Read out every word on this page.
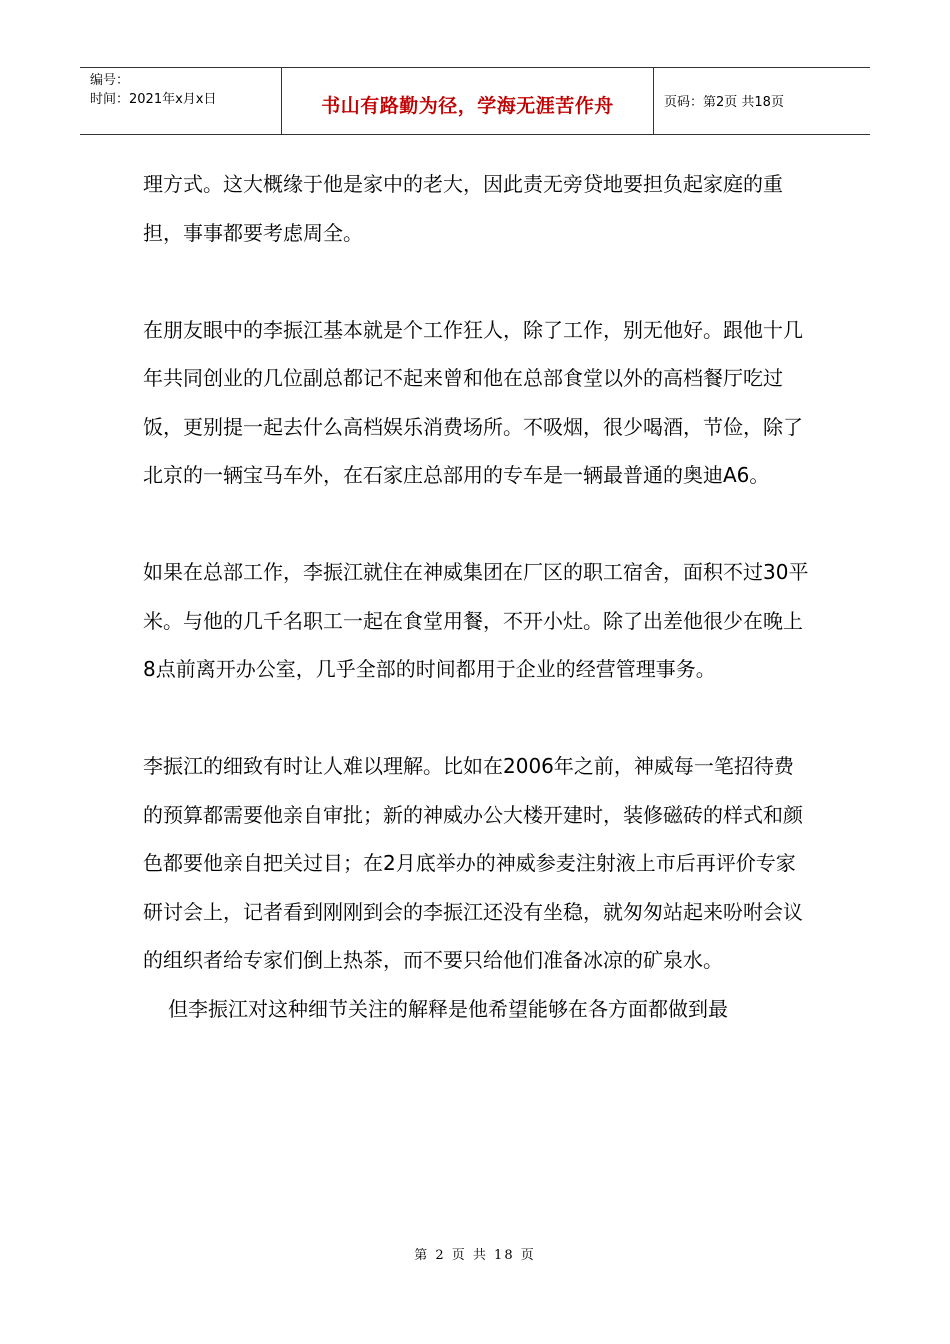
编号：
时间：2021年x月x日	书山有路勤为径，学海无涯苦作舟	页码：第2页 共18页

理方式。这大概缘于他是家中的老大，因此责无旁贷地要担负起家庭的重担，事事都要考虑周全。

在朋友眼中的李振江基本就是个工作狂人，除了工作，别无他好。跟他十几年共同创业的几位副总都记不起来曾和他在总部食堂以外的高档餐厅吃过饭，更别提一起去什么高档娱乐消费场所。不吸烟，很少喝酒，节俭，除了北京的一辆宝马车外，在石家庄总部用的专车是一辆最普通的奥迪A6。

如果在总部工作，李振江就住在神威集团在厂区的职工宿舍，面积不过30平米。与他的几千名职工一起在食堂用餐，不开小灶。除了出差他很少在晚上8点前离开办公室，几乎全部的时间都用于企业的经营管理事务。

李振江的细致有时让人难以理解。比如在2006年之前，神威每一笔招待费的预算都需要他亲自审批；新的神威办公大楼开建时，装修磁砖的样式和颜色都要他亲自把关过目；在2月底举办的神威参麦注射液上市后再评价专家研讨会上，记者看到刚刚到会的李振江还没有坐稳，就匆匆站起来吩咐会议的组织者给专家们倒上热茶，而不要只给他们准备冰凉的矿泉水。

但李振江对这种细节关注的解释是他希望能够在各方面都做到最

第 2 页 共 18 页
